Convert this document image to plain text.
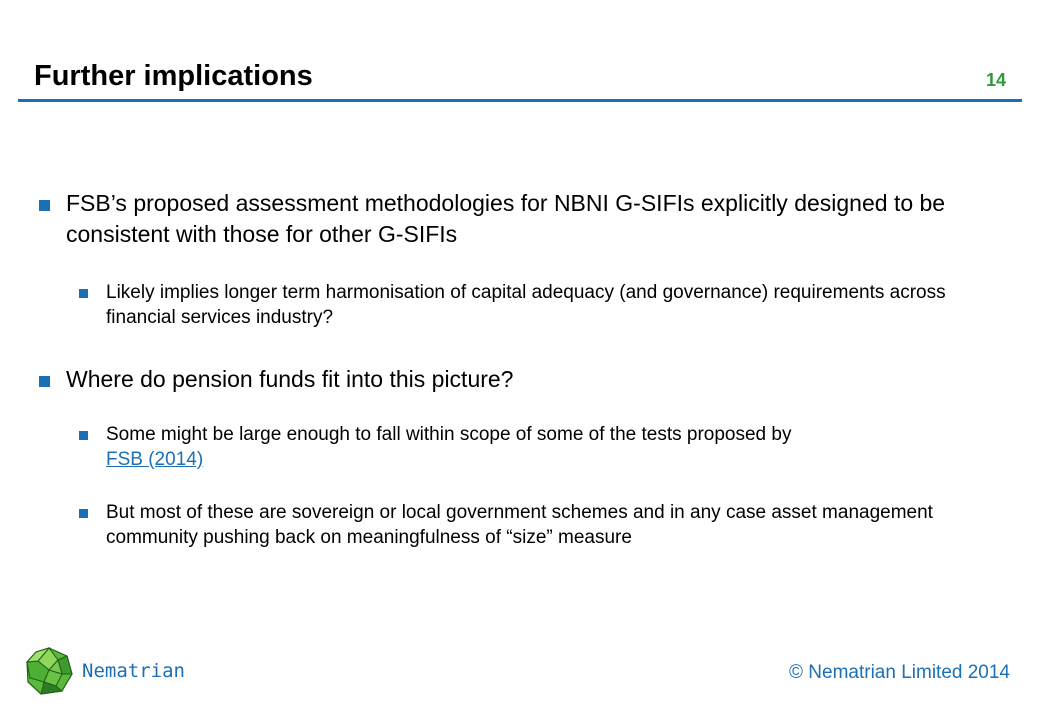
Further implications	14
FSB’s proposed assessment methodologies for NBNI G-SIFIs explicitly designed to be consistent with those for other G-SIFIs
Likely implies longer term harmonisation of capital adequacy (and governance) requirements across financial services industry?
Where do pension funds fit into this picture?
Some might be large enough to fall within scope of some of the tests proposed by
FSB (2014)
But most of these are sovereign or local government schemes and in any case asset management community pushing back on meaningfulness of “size” measure
Nematrian	© Nematrian Limited 2014
